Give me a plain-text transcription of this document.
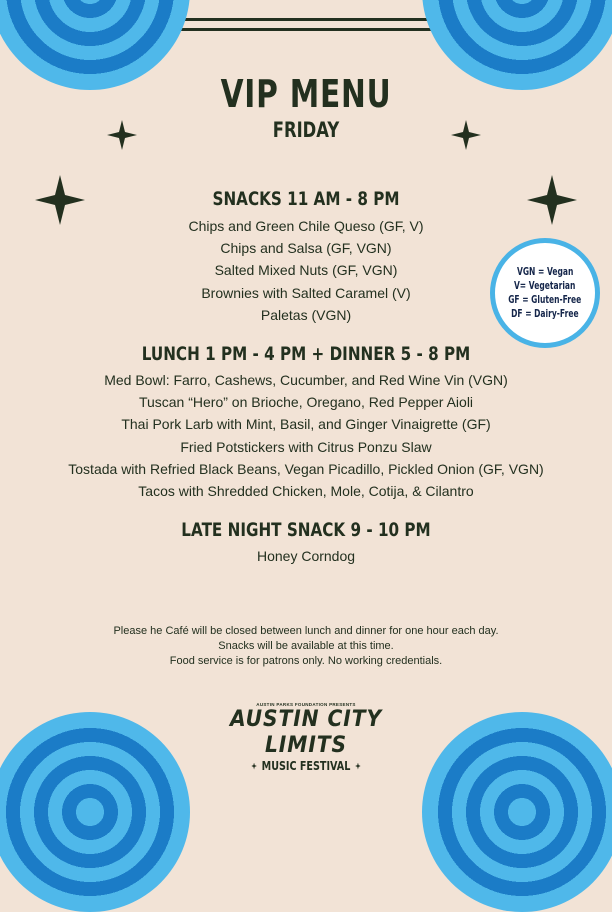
VIP MENU
FRIDAY
SNACKS 11 AM - 8 PM
Chips and Green Chile Queso (GF, V)
Chips and Salsa (GF, VGN)
Salted Mixed Nuts (GF, VGN)
Brownies with Salted Caramel (V)
Paletas (VGN)
LUNCH 1 PM - 4 PM + DINNER 5 - 8 PM
Med Bowl: Farro, Cashews, Cucumber, and Red Wine Vin (VGN)
Tuscan “Hero” on Brioche, Oregano, Red Pepper Aioli
Thai Pork Larb with Mint, Basil, and Ginger Vinaigrette (GF)
Fried Potstickers with Citrus Ponzu Slaw
Tostada with Refried Black Beans, Vegan Picadillo, Pickled Onion (GF, VGN)
Tacos with Shredded Chicken, Mole, Cotija, & Cilantro
LATE NIGHT SNACK 9 - 10 PM
Honey Corndog
VGN = Vegan
V= Vegetarian
GF = Gluten-Free
DF = Dairy-Free
Please he Café will be closed between lunch and dinner for one hour each day.
Snacks will be available at this time.
Food service is for patrons only. No working credentials.
AUSTIN PARKS FOUNDATION PRESENTS
AUSTIN CITY LIMITS
MUSIC FESTIVAL
